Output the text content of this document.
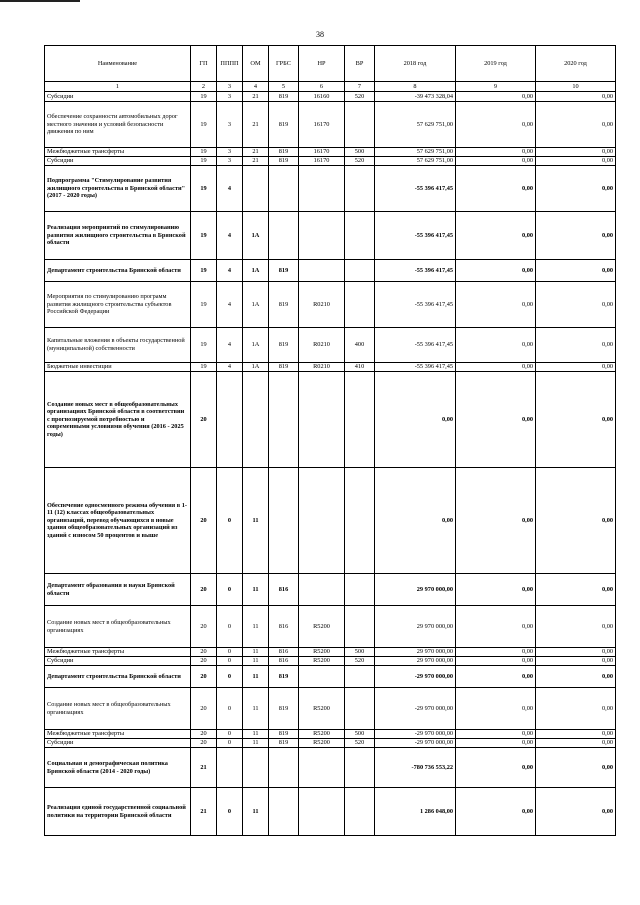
38
Наименование	ГП	ПППП	ОМ	ГРБС	НР	ВР	2018 год	2019 год	2020 год
1	2	3	4	5	6	7	8	9	10
Субсидии	19	3	21	819	16160	520	-39 473 328,04	0,00	0,00
Обеспечение сохранности автомобильных дорог местного значения и условий безопасности движения по ним	19	3	21	819	16170		57 629 751,00	0,00	0,00
Межбюджетные трансферты	19	3	21	819	16170	500	57 629 751,00	0,00	0,00
Субсидии	19	3	21	819	16170	520	57 629 751,00	0,00	0,00
Подпрограмма "Стимулирование развития жилищного строительства в Брянской области" (2017 - 2020 годы)	19	4					-55 396 417,45	0,00	0,00
Реализация мероприятий по стимулированию развития жилищного строительства в Брянской области	19	4	1А				-55 396 417,45	0,00	0,00
Департамент строительства Брянской области	19	4	1А	819			-55 396 417,45	0,00	0,00
Мероприятия по стимулированию программ развития жилищного строительства субъектов Российской Федерации	19	4	1А	819	R0210		-55 396 417,45	0,00	0,00
Капитальные вложения в объекты государственной (муниципальной) собственности	19	4	1А	819	R0210	400	-55 396 417,45	0,00	0,00
Бюджетные инвестиции	19	4	1А	819	R0210	410	-55 396 417,45	0,00	0,00
Создание новых мест в общеобразовательных организациях Брянской области в соответствии с прогнозируемой потребностью и современными условиями обучения (2016 - 2025 годы)	20						0,00	0,00	0,00
Обеспечение односменного режима обучения в 1-11 (12) классах общеобразовательных организаций, перевод обучающихся в новые здания общеобразовательных организаций из зданий с износом 50 процентов и выше	20	0	11				0,00	0,00	0,00
Департамент образования и науки Брянской области	20	0	11	816			29 970 000,00	0,00	0,00
Создание новых мест в общеобразовательных организациях	20	0	11	816	R5200		29 970 000,00	0,00	0,00
Межбюджетные трансферты	20	0	11	816	R5200	500	29 970 000,00	0,00	0,00
Субсидии	20	0	11	816	R5200	520	29 970 000,00	0,00	0,00
Департамент строительства Брянской области	20	0	11	819			-29 970 000,00	0,00	0,00
Создание новых мест в общеобразовательных организациях	20	0	11	819	R5200		-29 970 000,00	0,00	0,00
Межбюджетные трансферты	20	0	11	819	R5200	500	-29 970 000,00	0,00	0,00
Субсидии	20	0	11	819	R5200	520	-29 970 000,00	0,00	0,00
Социальная и демографическая политика Брянской области (2014 - 2020 годы)	21						-780 736 553,22	0,00	0,00
Реализация единой государственной социальной политики на территории Брянской области	21	0	11				1 286 048,00	0,00	0,00
